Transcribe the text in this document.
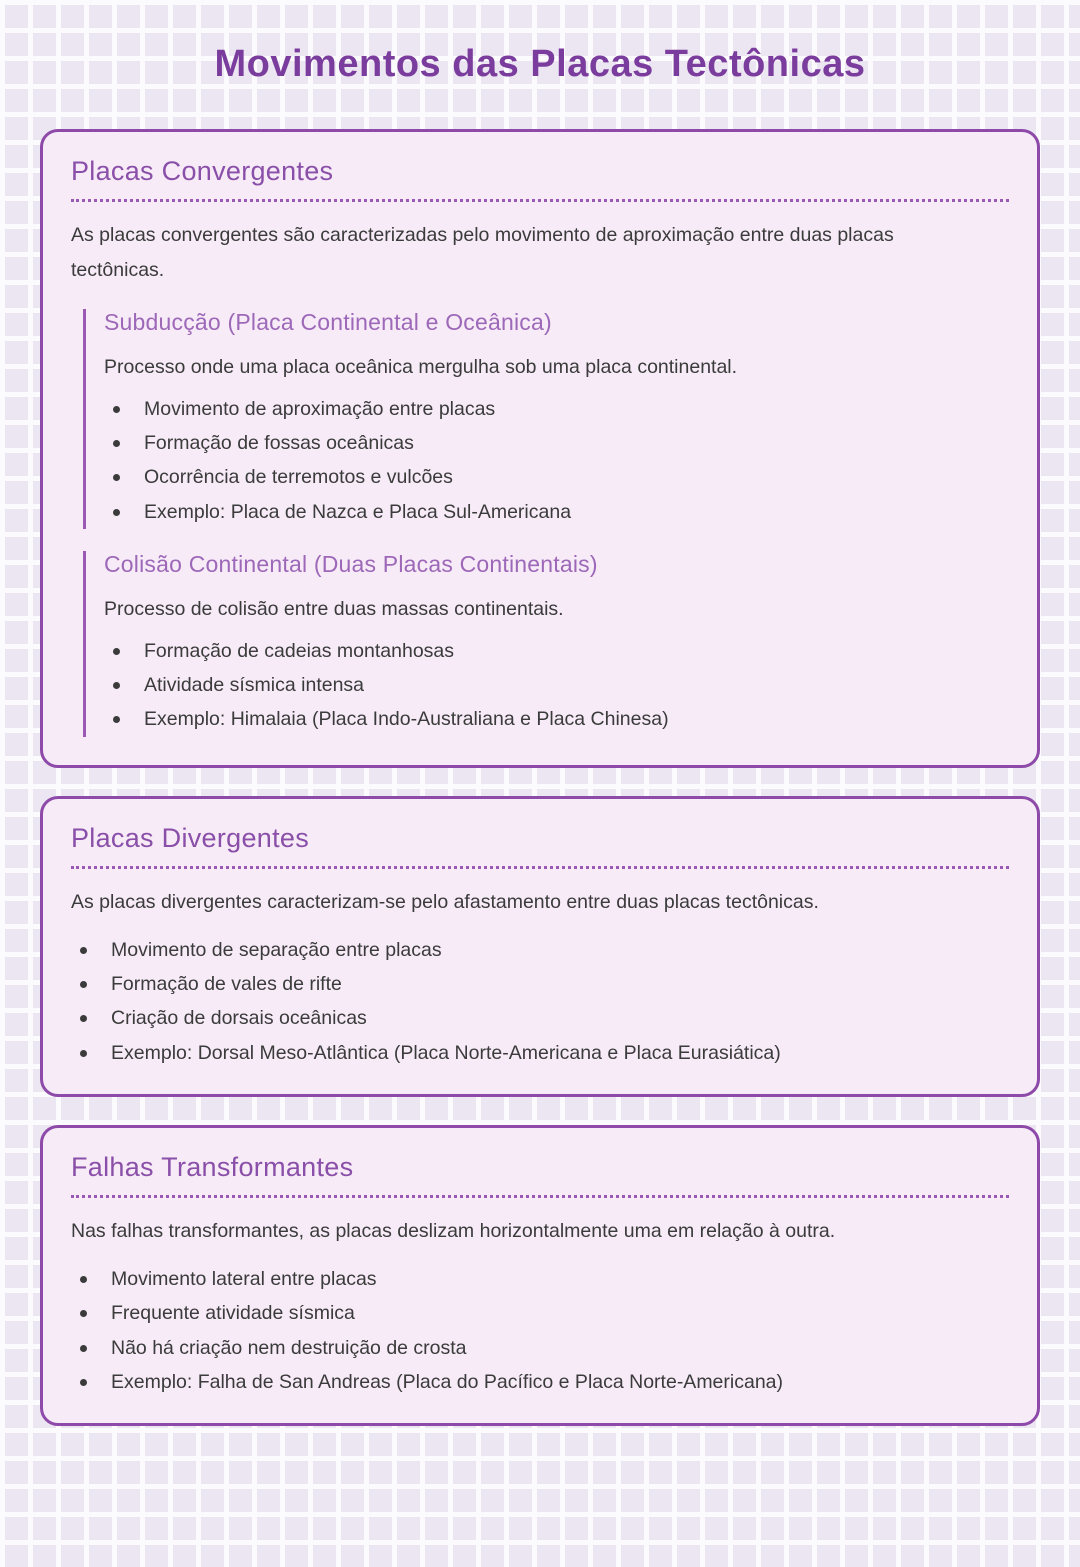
Movimentos das Placas Tectônicas
Placas Convergentes

As placas convergentes são caracterizadas pelo movimento de aproximação entre duas placas tectônicas.

Subducção (Placa Continental e Oceânica)

Processo onde uma placa oceânica mergulha sob uma placa continental.

Movimento de aproximação entre placas
Formação de fossas oceânicas
Ocorrência de terremotos e vulcões
Exemplo: Placa de Nazca e Placa Sul-Americana
Colisão Continental (Duas Placas Continentais)

Processo de colisão entre duas massas continentais.

Formação de cadeias montanhosas
Atividade sísmica intensa
Exemplo: Himalaia (Placa Indo-Australiana e Placa Chinesa)
Placas Divergentes

As placas divergentes caracterizam-se pelo afastamento entre duas placas tectônicas.

Movimento de separação entre placas
Formação de vales de rifte
Criação de dorsais oceânicas
Exemplo: Dorsal Meso-Atlântica (Placa Norte-Americana e Placa Eurasiática)
Falhas Transformantes

Nas falhas transformantes, as placas deslizam horizontalmente uma em relação à outra.

Movimento lateral entre placas
Frequente atividade sísmica
Não há criação nem destruição de crosta
Exemplo: Falha de San Andreas (Placa do Pacífico e Placa Norte-Americana)
